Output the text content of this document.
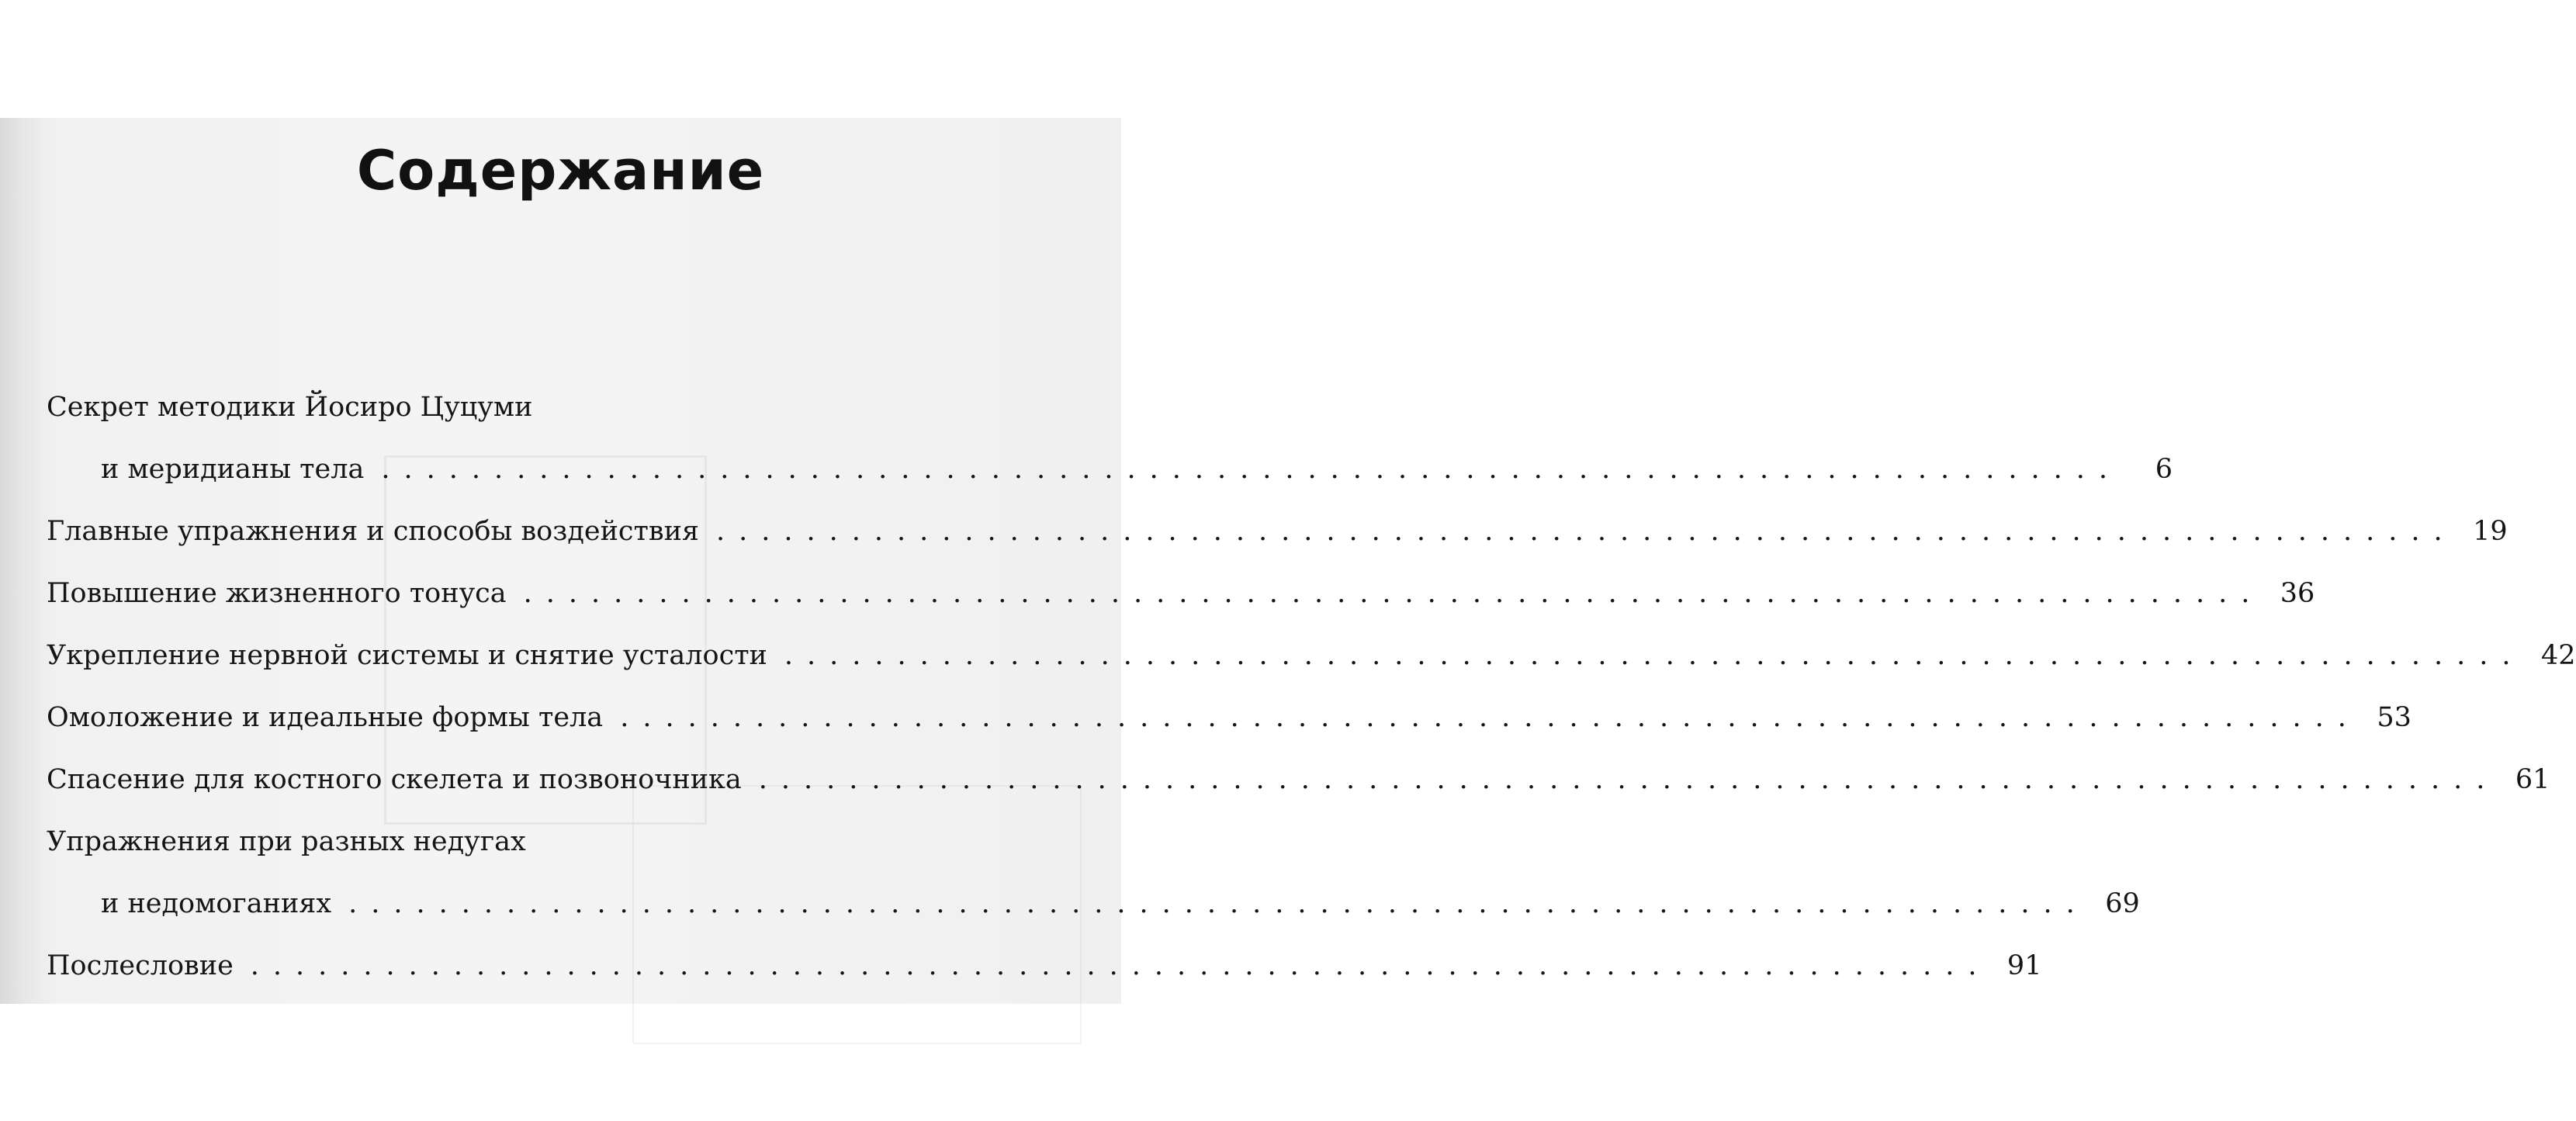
Содержание
Секрет методики Йосиро Цуцуми
и меридианы тела .............................................................................	6
Главные упражнения и способы воздействия ............................................................................. 19
Повышение жизненного тонуса ............................................................................. 36
Укрепление нервной системы и снятие усталости ............................................................................. 42
Омоложение и идеальные формы тела ............................................................................. 53
Спасение для костного скелета и позвоночника ............................................................................. 61
Упражнения при разных недугах
и недомоганиях ............................................................................. 69
Послесловие ............................................................................. 91
